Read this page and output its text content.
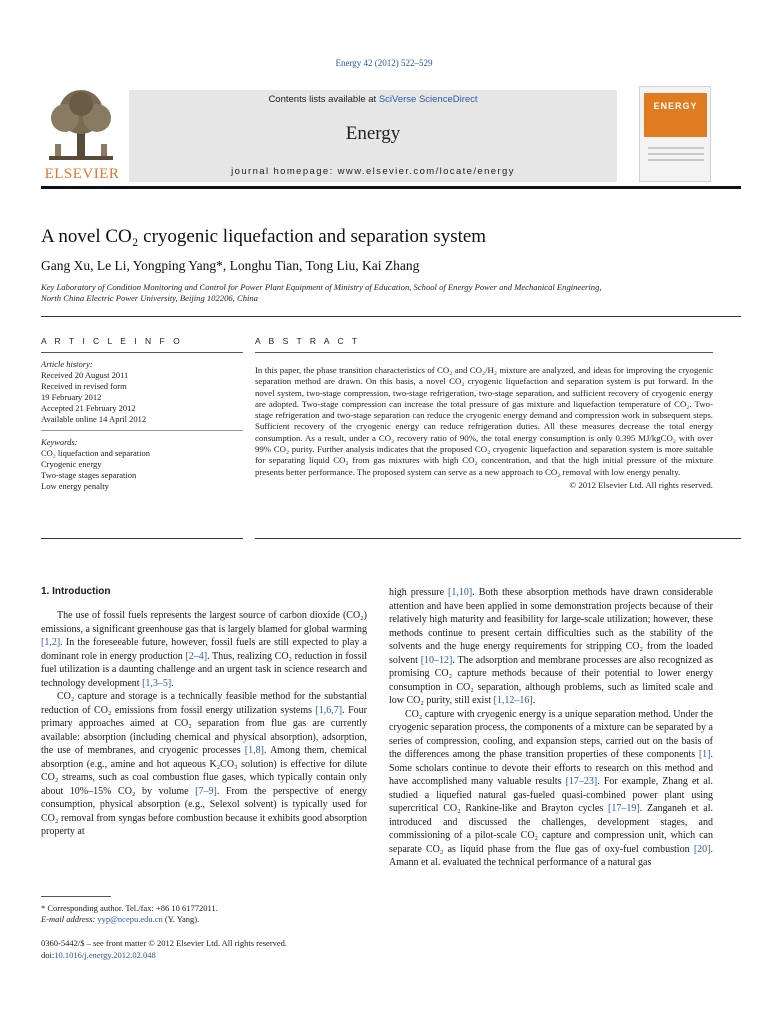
Energy 42 (2012) 522–529
ELSEVIER
Contents lists available at SciVerse ScienceDirect
Energy
journal homepage: www.elsevier.com/locate/energy
ENERGY
A novel CO₂ cryogenic liquefaction and separation system
Gang Xu, Le Li, Yongping Yang*, Longhu Tian, Tong Liu, Kai Zhang
Key Laboratory of Condition Monitoring and Control for Power Plant Equipment of Ministry of Education, School of Energy Power and Mechanical Engineering,
North China Electric Power University, Beijing 102206, China
A R T I C L E I N F O
Article history:
Received 20 August 2011
Received in revised form
19 February 2012
Accepted 21 February 2012
Available online 14 April 2012
Keywords:
CO₂ liquefaction and separation
Cryogenic energy
Two-stage stages separation
Low energy penalty
A B S T R A C T

In this paper, the phase transition characteristics of CO₂ and CO₂/H₂ mixture are analyzed, and ideas for improving the cryogenic separation method are drawn. On this basis, a novel CO₂ cryogenic liquefaction and separation system is put forward. In the novel system, two-stage compression, two-stage refrigeration, two-stage separation, and sufficient recovery of cryogenic energy are adopted. Two-stage compression can increase the total pressure of gas mixture and liquefaction temperature of CO₂. Two-stage refrigeration and two-stage separation can reduce the cryogenic energy demand and compression work in subsequent steps. Sufficient recovery of the cryogenic energy can reduce refrigeration duties. All these measures decrease the total energy consumption. As a result, under a CO₂ recovery ratio of 90%, the total energy consumption is only 0.395 MJ/kgCO₂ with over 99% CO₂ purity. Further analysis indicates that the proposed CO₂ cryogenic liquefaction and separation system is more suitable for separating liquid CO₂ from gas mixtures with high CO₂ concentration, and that the high initial pressure of the mixture presents better performance. The proposed system can serve as a new approach to CO₂ removal with low energy penalty.

© 2012 Elsevier Ltd. All rights reserved.
1. Introduction

The use of fossil fuels represents the largest source of carbon dioxide (CO₂) emissions, a significant greenhouse gas that is largely blamed for global warming [1,2]. In the foreseeable future, however, fossil fuels are still expected to play a dominant role in energy production [2–4]. Thus, realizing CO₂ reduction in fossil fuel utilization is a daunting challenge and an urgent task in science research and technology development [1,3–5].

CO₂ capture and storage is a technically feasible method for the substantial reduction of CO₂ emissions from fossil energy utilization systems [1,6,7]. Four primary approaches aimed at CO₂ separation from flue gas are currently available: absorption (including chemical and physical absorption), adsorption, the use of membranes, and cryogenic processes [1,8]. Among them, chemical absorption (e.g., amine and hot aqueous K₂CO₃ solution) is effective for dilute CO₂ streams, such as coal combustion flue gases, which typically contain only about 10%–15% CO₂ by volume [7–9]. From the perspective of energy consumption, physical absorption (e.g., Selexol solvent) is typically used for CO₂ removal from syngas before combustion because it exhibits good absorption property at

high pressure [1,10]. Both these absorption methods have drawn considerable attention and have been applied in some demonstration projects because of their relatively high maturity and feasibility for large-scale utilization; however, these methods continue to present certain difficulties such as the stability of the solvents and the huge energy requirements for stripping CO₂ from the loaded solvent [10–12]. The adsorption and membrane processes are also recognized as promising CO₂ capture methods because of their potential to lower energy consumption in CO₂ separation, although problems, such as limited scale and low CO₂ purity, still exist [1,12–16].

CO₂ capture with cryogenic energy is a unique separation method. Under the cryogenic separation process, the components of a mixture can be separated by a series of compression, cooling, and expansion steps, carried out on the basis of the differences among the phase transition properties of these components [1]. Some scholars continue to devote their efforts to research on this method and have accomplished many valuable results [17–23]. For example, Zhang et al. studied a liquefied natural gas-fueled quasi-combined power plant using supercritical CO₂ Rankine-like and Brayton cycles [17–19]. Zanganeh et al. introduced and discussed the challenges, development stages, and commissioning of a pilot-scale CO₂ capture and compression unit, which can separate CO₂ as liquid phase from the flue gas of oxy-fuel combustion [20]. Amann et al. evaluated the technical performance of a natural gas

* Corresponding author. Tel./fax: +86 10 61772011.
E-mail address: yyp@ncepu.edu.cn (Y. Yang).
0360-5442/$ – see front matter © 2012 Elsevier Ltd. All rights reserved.
doi:10.1016/j.energy.2012.02.048
